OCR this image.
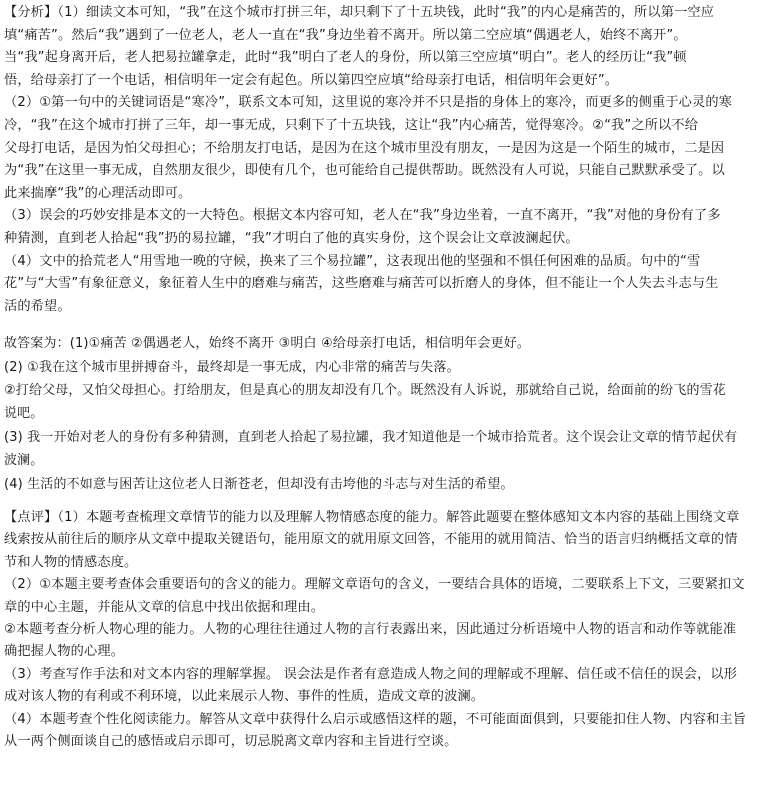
【分析】（1）细读文本可知，“我”在这个城市打拼三年，却只剩下了十五块钱，此时“我”的内心是痛苦的，所以第一空应
填“痛苦”。然后“我”遇到了一位老人，老人一直在“我”身边坐着不离开。所以第二空应填“偶遇老人，始终不离开”。
当“我”起身离开后，老人把易拉罐拿走，此时“我”明白了老人的身份，所以第三空应填“明白”。老人的经历让“我”顿
悟，给母亲打了一个电话，相信明年一定会有起色。所以第四空应填“给母亲打电话，相信明年会更好”。
（2）①第一句中的关键词语是“寒冷”，联系文本可知，这里说的寒冷并不只是指的身体上的寒冷，而更多的侧重于心灵的寒
冷，“我”在这个城市打拼了三年，却一事无成，只剩下了十五块钱，这让“我”内心痛苦，觉得寒冷。②“我”之所以不给
父母打电话，是因为怕父母担心；不给朋友打电话，是因为在这个城市里没有朋友，一是因为这是一个陌生的城市，二是因
为“我”在这里一事无成，自然朋友很少，即使有几个，也可能给自己提供帮助。既然没有人可说，只能自己默默承受了。以
此来揣摩“我”的心理活动即可。
（3）误会的巧妙安排是本文的一大特色。根据文本内容可知，老人在“我”身边坐着，一直不离开，“我”对他的身份有了多
种猜测，直到老人拾起“我”扔的易拉罐，“我”才明白了他的真实身份，这个误会让文章波澜起伏。
（4）文中的拾荒老人“用雪地一晚的守候，换来了三个易拉罐”，这表现出他的坚强和不惧任何困难的品质。句中的“雪
花”与“大雪”有象征意义，象征着人生中的磨难与痛苦，这些磨难与痛苦可以折磨人的身体，但不能让一个人失去斗志与生
活的希望。
故答案为：(1)①痛苦 ②偶遇老人，始终不离开 ③明白 ④给母亲打电话，相信明年会更好。
(2) ①我在这个城市里拼搏奋斗，最终却是一事无成，内心非常的痛苦与失落。
②打给父母，又怕父母担心。打给朋友，但是真心的朋友却没有几个。既然没有人诉说，那就给自己说，给面前的纷飞的雪花
说吧。
(3) 我一开始对老人的身份有多种猜测，直到老人拾起了易拉罐，我才知道他是一个城市拾荒者。这个误会让文章的情节起伏有
波澜。
(4) 生活的不如意与困苦让这位老人日渐苍老，但却没有击垮他的斗志与对生活的希望。
【点评】（1）本题考查梳理文章情节的能力以及理解人物情感态度的能力。解答此题要在整体感知文本内容的基础上围绕文章
线索按从前往后的顺序从文章中提取关键语句，能用原文的就用原文回答，不能用的就用简洁、恰当的语言归纳概括文章的情
节和人物的情感态度。
（2）①本题主要考查体会重要语句的含义的能力。理解文章语句的含义，一要结合具体的语境，二要联系上下文，三要紧扣文
章的中心主题，并能从文章的信息中找出依据和理由。
②本题考查分析人物心理的能力。人物的心理往往通过人物的言行表露出来，因此通过分析语境中人物的语言和动作等就能准
确把握人物的心理。
（3）考查写作手法和对文本内容的理解掌握。 误会法是作者有意造成人物之间的理解或不理解、信任或不信任的误会，以形
成对该人物的有利或不利环境，以此来展示人物、事件的性质，造成文章的波澜。
（4）本题考查个性化阅读能力。解答从文章中获得什么启示或感悟这样的题，不可能面面俱到，只要能扣住人物、内容和主旨
从一两个侧面谈自己的感悟或启示即可，切忌脱离文章内容和主旨进行空谈。
